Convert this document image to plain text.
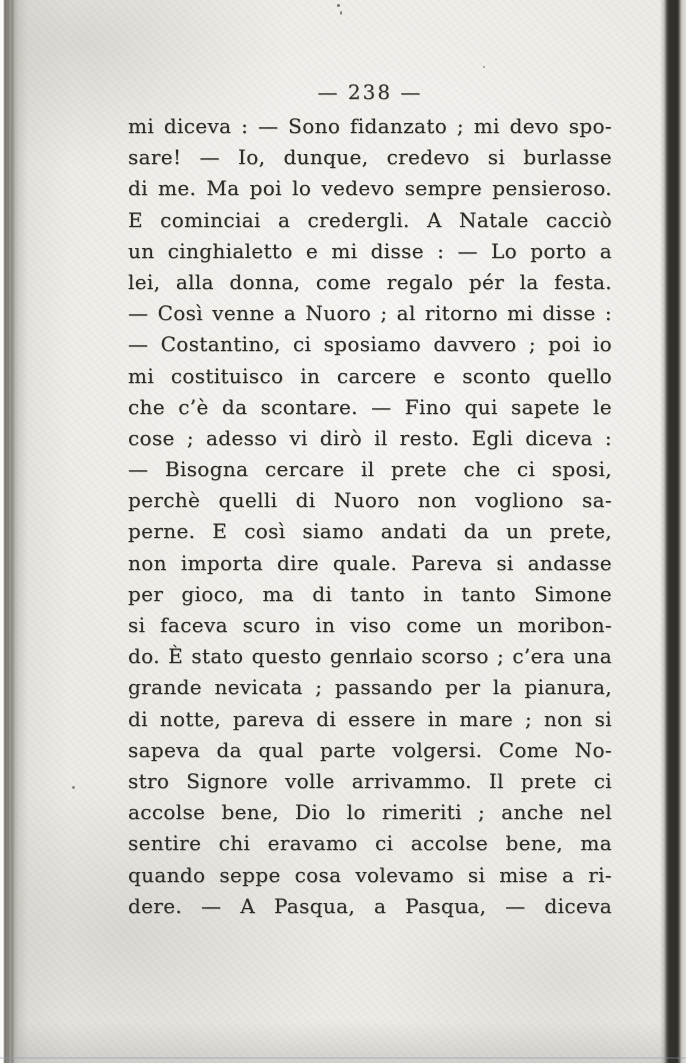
— 238 —
mi diceva : — Sono fidanzato ; mi devo spo-
sare! — Io, dunque, credevo si burlasse
di me. Ma poi lo vedevo sempre pensieroso.
E cominciai a credergli. A Natale cacciò
un cinghialetto e mi disse : — Lo porto a
lei, alla donna, come regalo pér la festa.
— Così venne a Nuoro ; al ritorno mi disse :
— Costantino, ci sposiamo davvero ; poi io
mi costituisco in carcere e sconto quello
che c’è da scontare. — Fino qui sapete le
cose ; adesso vi dirò il resto. Egli diceva :
— Bisogna cercare il prete che ci sposi,
perchè quelli di Nuoro non vogliono sa-
perne. E così siamo andati da un prete,
non importa dire quale. Pareva si andasse
per gioco, ma di tanto in tanto Simone
si faceva scuro in viso come un moribon-
do. È stato questo gennaio scorso ; c’era una
grande nevicata ; passando per la pianura,
di notte, pareva di essere in mare ; non si
sapeva da qual parte volgersi. Come No-
stro Signore volle arrivammo. Il prete ci
accolse bene, Dio lo rimeriti ; anche nel
sentire chi eravamo ci accolse bene, ma
quando seppe cosa volevamo si mise a ri-
dere. — A Pasqua, a Pasqua, — diceva
